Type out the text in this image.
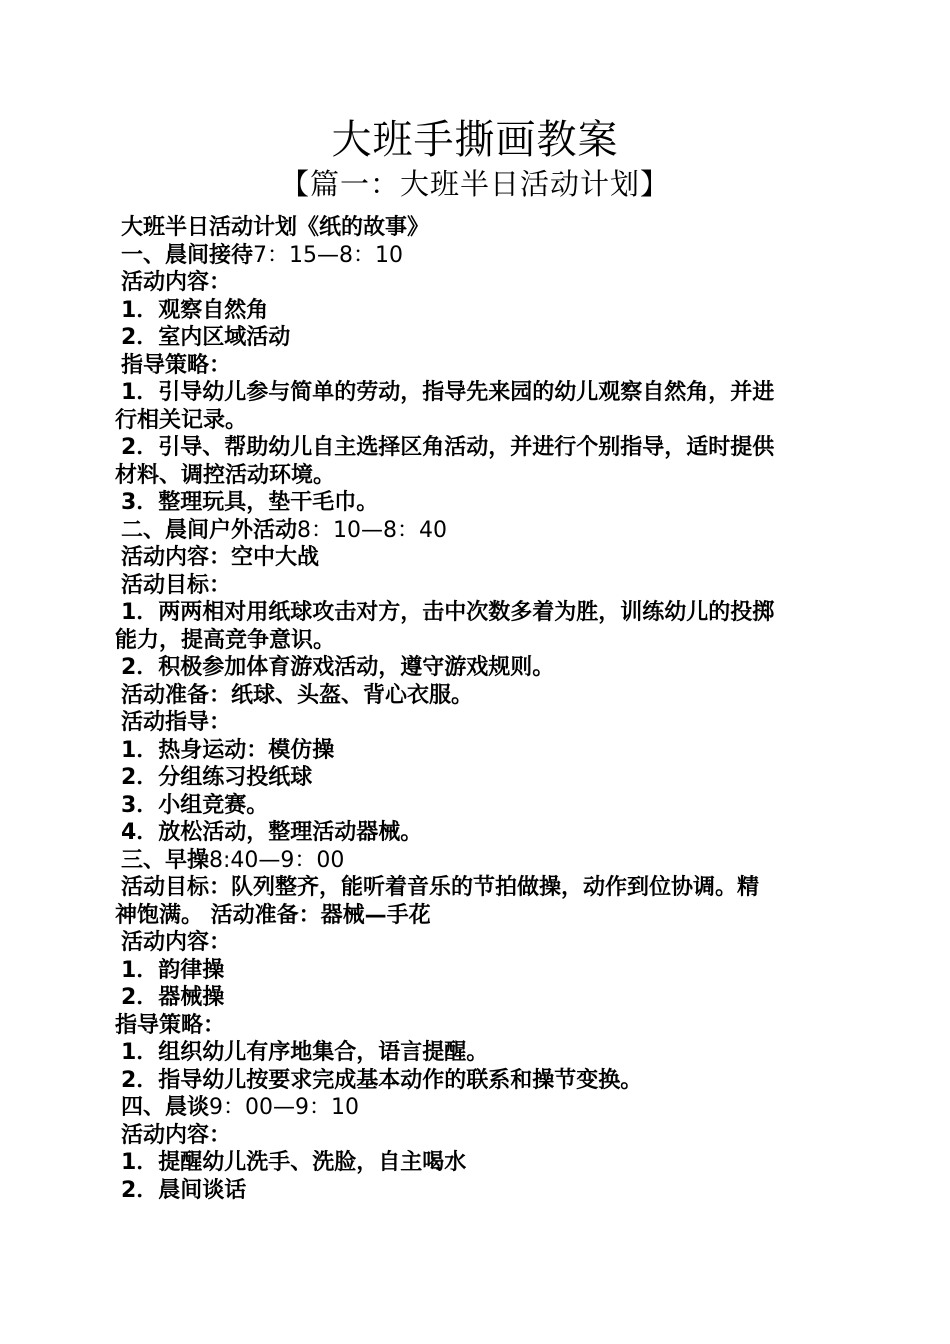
大班手撕画教案
【篇一：大班半日活动计划】
大班半日活动计划《纸的故事》
一、晨间接待7：15—8：10
活动内容：
1．观察自然角
2．室内区域活动
指导策略：
1．引导幼儿参与简单的劳动，指导先来园的幼儿观察自然角，并进
行相关记录。
2．引导、帮助幼儿自主选择区角活动，并进行个别指导，适时提供
材料、调控活动环境。
3．整理玩具，垫干毛巾。
二、晨间户外活动8：10—8：40
活动内容：空中大战
活动目标：
1．两两相对用纸球攻击对方，击中次数多着为胜，训练幼儿的投掷
能力，提高竞争意识。
2．积极参加体育游戏活动，遵守游戏规则。
活动准备：纸球、头盔、背心衣服。
活动指导：
1．热身运动：模仿操
2．分组练习投纸球
3．小组竞赛。
4．放松活动，整理活动器械。
三、早操8:40—9：00
活动目标：队列整齐，能听着音乐的节拍做操，动作到位协调。精
神饱满。 活动准备：器械—手花
活动内容：
1．韵律操
2．器械操
指导策略：
1．组织幼儿有序地集合，语言提醒。
2．指导幼儿按要求完成基本动作的联系和操节变换。
四、晨谈9：00—9：10
活动内容：
1．提醒幼儿洗手、洗脸，自主喝水
2．晨间谈话
